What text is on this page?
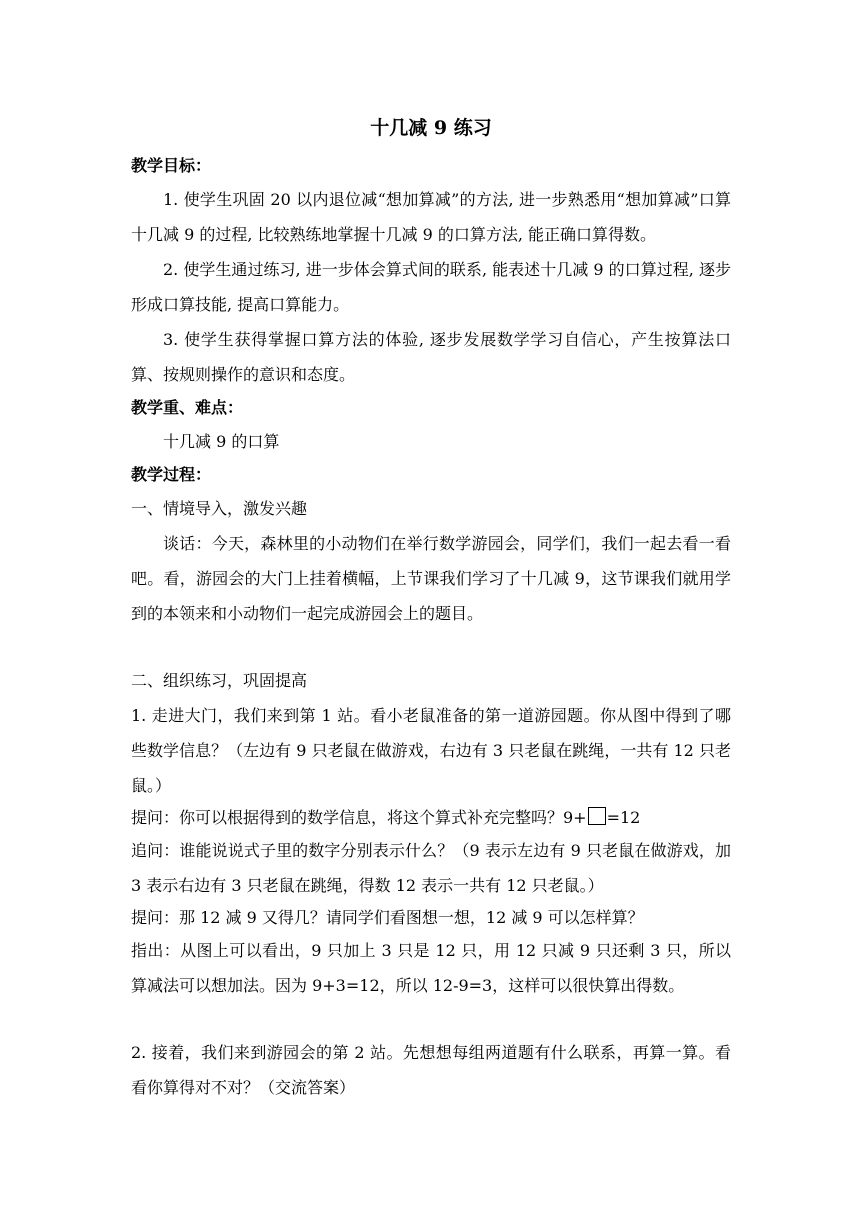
十几减 9 练习
教学目标：

1. 使学生巩固 20 以内退位减“想加算减”的方法, 进一步熟悉用“想加算减”口算十几减 9 的过程, 比较熟练地掌握十几减 9 的口算方法, 能正确口算得数。

2. 使学生通过练习, 进一步体会算式间的联系, 能表述十几减 9 的口算过程, 逐步形成口算技能, 提高口算能力。

3. 使学生获得掌握口算方法的体验, 逐步发展数学学习自信心，产生按算法口算、按规则操作的意识和态度。

教学重、难点：

十几减 9 的口算

教学过程：

一、情境导入，激发兴趣

谈话：今天，森林里的小动物们在举行数学游园会，同学们，我们一起去看一看吧。看，游园会的大门上挂着横幅，上节课我们学习了十几减 9，这节课我们就用学到的本领来和小动物们一起完成游园会上的题目。

二、组织练习，巩固提高

1. 走进大门，我们来到第 1 站。看小老鼠准备的第一道游园题。你从图中得到了哪些数学信息？（左边有 9 只老鼠在做游戏，右边有 3 只老鼠在跳绳，一共有 12 只老鼠。）

提问：你可以根据得到的数学信息，将这个算式补充完整吗？9+ =12

追问：谁能说说式子里的数字分别表示什么？（9 表示左边有 9 只老鼠在做游戏，加 3 表示右边有 3 只老鼠在跳绳，得数 12 表示一共有 12 只老鼠。）

提问：那 12 减 9 又得几？请同学们看图想一想，12 减 9 可以怎样算？

指出：从图上可以看出，9 只加上 3 只是 12 只，用 12 只减 9 只还剩 3 只，所以算减法可以想加法。因为 9+3=12，所以 12-9=3，这样可以很快算出得数。

2. 接着，我们来到游园会的第 2 站。先想想每组两道题有什么联系，再算一算。看看你算得对不对？（交流答案）
